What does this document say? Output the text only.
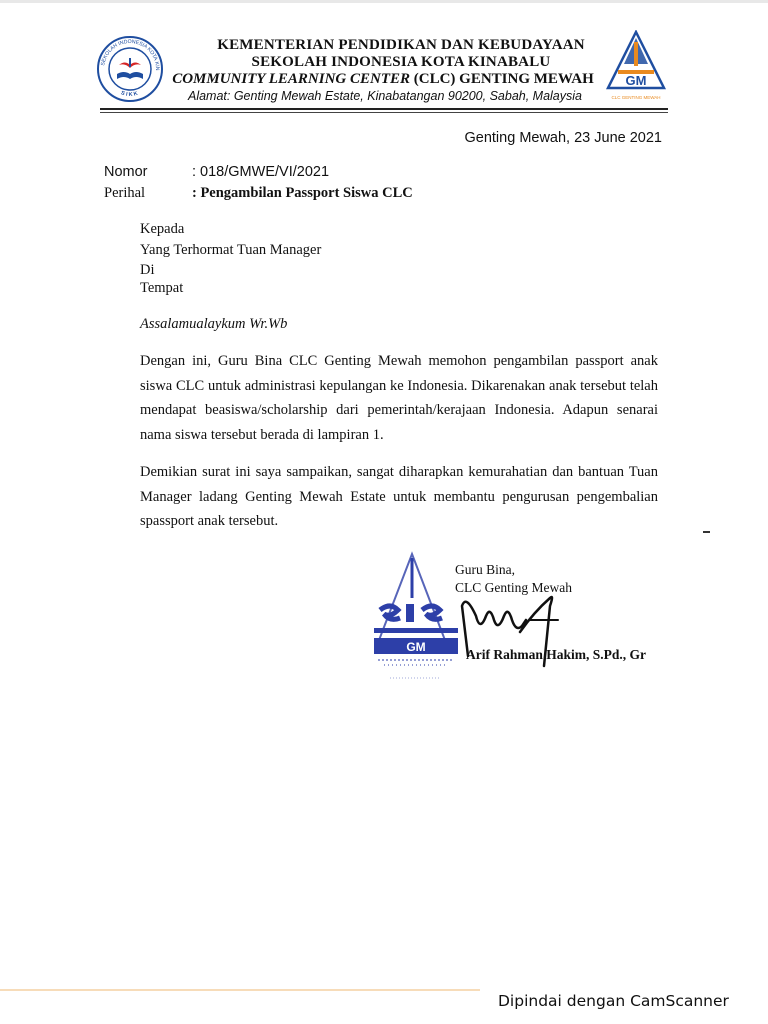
SEKOLAH INDONESIA KOTA KIN
S I K K
KEMENTERIAN PENDIDIKAN DAN KEBUDAYAAN
SEKOLAH INDONESIA KOTA KINABALU
COMMUNITY LEARNING CENTER (CLC) GENTING MEWAH
Alamat: Genting Mewah Estate, Kinabatangan 90200, Sabah, Malaysia
GM
CLC GENTING MEWAH
Genting Mewah, 23 June 2021
Nomor	: 018/GMWE/VI/2021
Perihal	: Pengambilan Passport Siswa CLC
Kepada
Yang Terhormat Tuan Manager
Di
Tempat
Assalamualaykum Wr.Wb
Dengan ini, Guru Bina CLC Genting Mewah memohon pengambilan passport anak siswa CLC untuk administrasi kepulangan ke Indonesia. Dikarenakan anak tersebut telah mendapat beasiswa/scholarship dari pemerintah/kerajaan Indonesia. Adapun senarai nama siswa tersebut berada di lampiran 1.
Demikian surat ini saya sampaikan, sangat diharapkan kemurahatian dan bantuan Tuan Manager ladang Genting Mewah Estate untuk membantu pengurusan pengembalian spassport anak tersebut.
GM
Guru Bina,
CLC Genting Mewah
Arif Rahman Hakim, S.Pd., Gr
Dipindai dengan CamScanner
